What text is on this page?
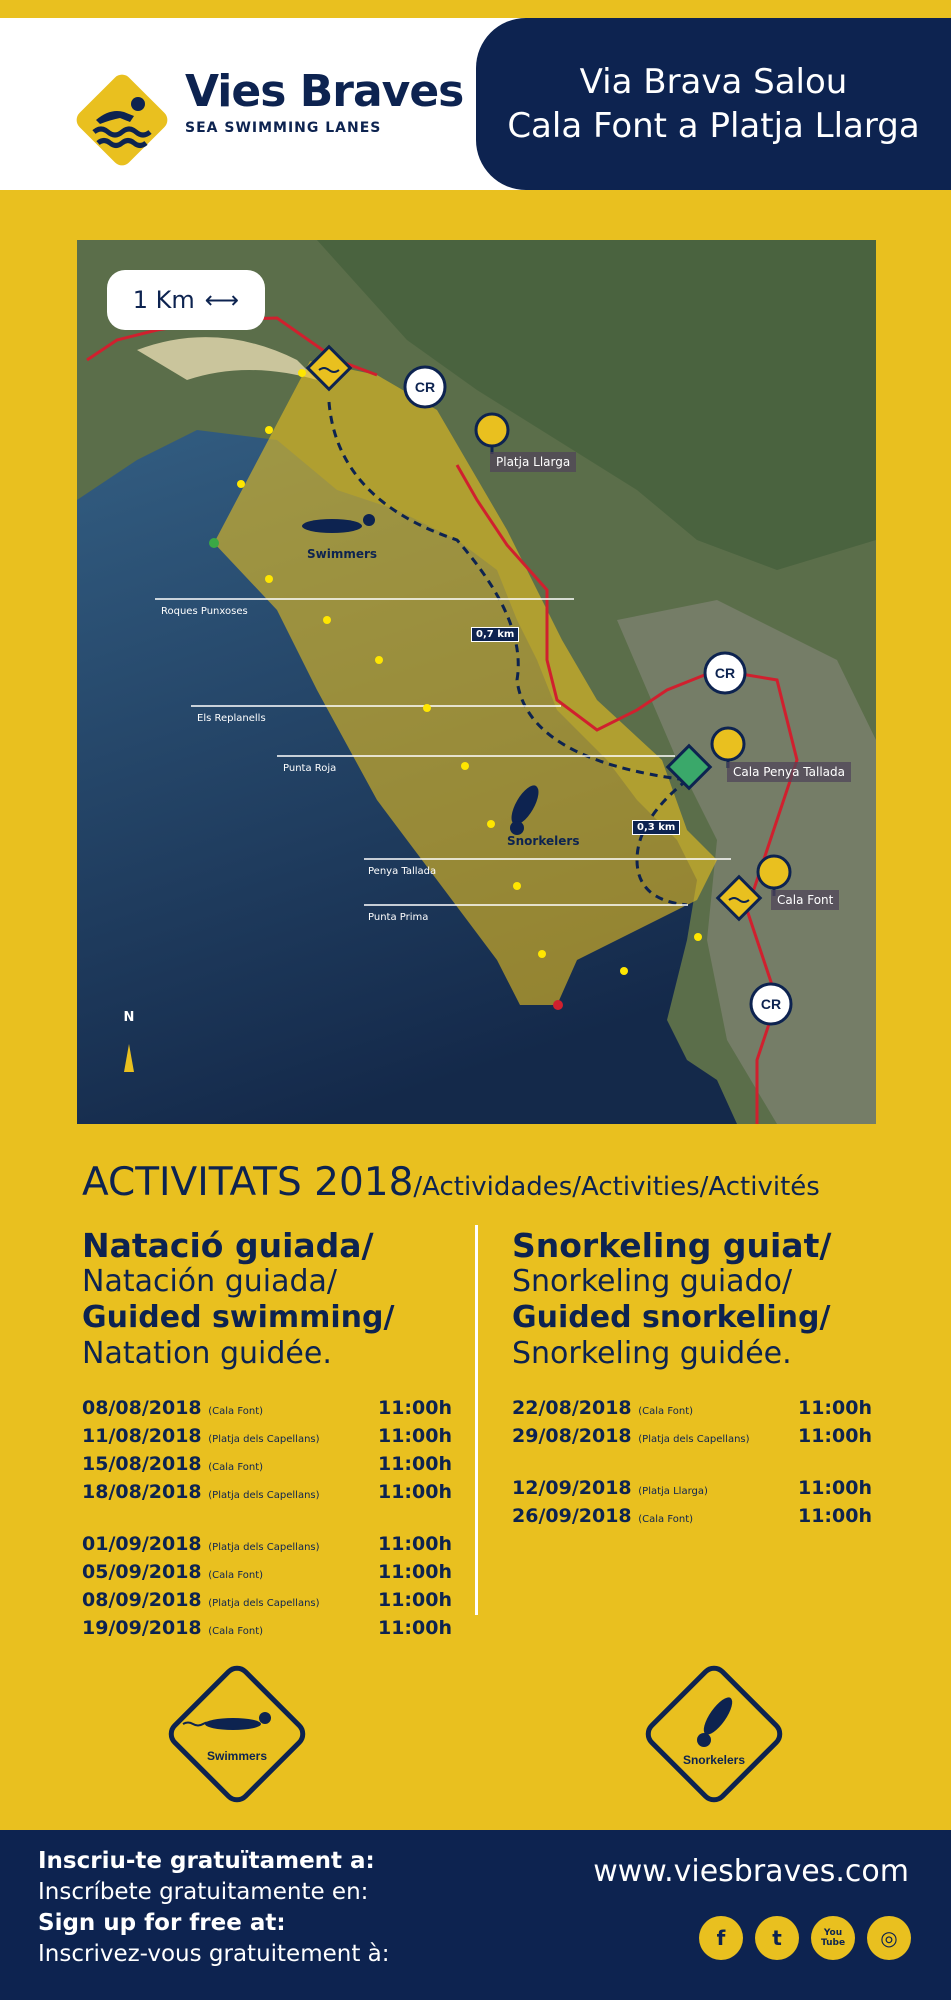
Vies Braves
SEA SWIMMING LANES
Via Brava Salou
Cala Font a Platja Llarga
1 Km ⟷
Platja Llarga
Cala Penya Tallada
Cala Font
Roques Punxoses
Els Replanells
Punta Roja
Penya Tallada
Punta Prima
0,7 km
0,3 km
Swimmers
Snorkelers
N
CR
CR
CR
ACTIVITATS 2018/Actividades/Activities/Activités
Natació guiada/
Natación guiada/
Guided swimming/
Natation guidée.
08/08/2018 (Cala Font)	11:00h
11/08/2018 (Platja dels Capellans)	11:00h
15/08/2018 (Cala Font)	11:00h
18/08/2018 (Platja dels Capellans)	11:00h
01/09/2018 (Platja dels Capellans)	11:00h
05/09/2018 (Cala Font)	11:00h
08/09/2018 (Platja dels Capellans)	11:00h
19/09/2018 (Cala Font)	11:00h
Snorkeling guiat/
Snorkeling guiado/
Guided snorkeling/
Snorkeling guidée.
22/08/2018 (Cala Font)	11:00h
29/08/2018 (Platja dels Capellans)	11:00h
12/09/2018 (Platja Llarga)	11:00h
26/09/2018 (Cala Font)	11:00h
Swimmers	Snorkelers
Inscriu-te gratuïtament a:
Inscríbete gratuitamente en:
Sign up for free at:
Inscrivez-vous gratuitement à:
www.viesbraves.com
f	t	You Tube	◎
